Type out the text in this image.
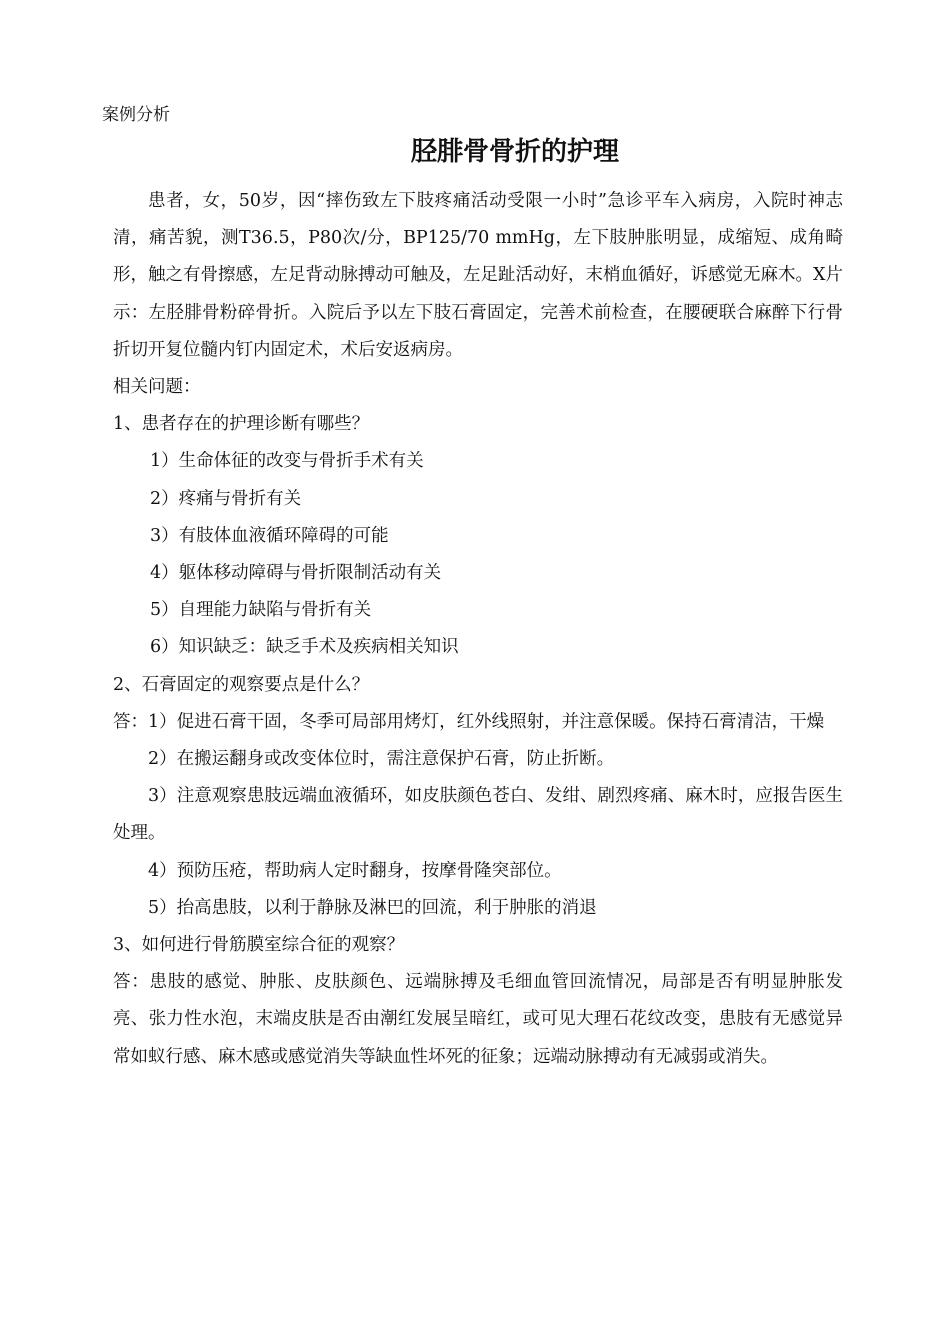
案例分析
胫腓骨骨折的护理

患者，女，50岁，因“摔伤致左下肢疼痛活动受限一小时”急诊平车入病房，入院时神志清，痛苦貌，测T36.5，P80次/分，BP125/70 mmHg，左下肢肿胀明显，成缩短、成角畸形，触之有骨擦感，左足背动脉搏动可触及，左足趾活动好，末梢血循好，诉感觉无麻木。X片示：左胫腓骨粉碎骨折。入院后予以左下肢石膏固定，完善术前检查，在腰硬联合麻醉下行骨折切开复位髓内钉内固定术，术后安返病房。

相关问题：

1、患者存在的护理诊断有哪些？

1）生命体征的改变与骨折手术有关

2）疼痛与骨折有关

3）有肢体血液循环障碍的可能

4）躯体移动障碍与骨折限制活动有关

5）自理能力缺陷与骨折有关

6）知识缺乏：缺乏手术及疾病相关知识

2、石膏固定的观察要点是什么？

答：1）促进石膏干固，冬季可局部用烤灯，红外线照射，并注意保暖。保持石膏清洁，干燥

2）在搬运翻身或改变体位时，需注意保护石膏，防止折断。

3）注意观察患肢远端血液循环，如皮肤颜色苍白、发绀、剧烈疼痛、麻木时，应报告医生处理。

4）预防压疮，帮助病人定时翻身，按摩骨隆突部位。

5）抬高患肢，以利于静脉及淋巴的回流，利于肿胀的消退

3、如何进行骨筋膜室综合征的观察？

答：患肢的感觉、肿胀、皮肤颜色、远端脉搏及毛细血管回流情况，局部是否有明显肿胀发亮、张力性水泡，末端皮肤是否由潮红发展呈暗红，或可见大理石花纹改变，患肢有无感觉异常如蚁行感、麻木感或感觉消失等缺血性坏死的征象；远端动脉搏动有无减弱或消失。
